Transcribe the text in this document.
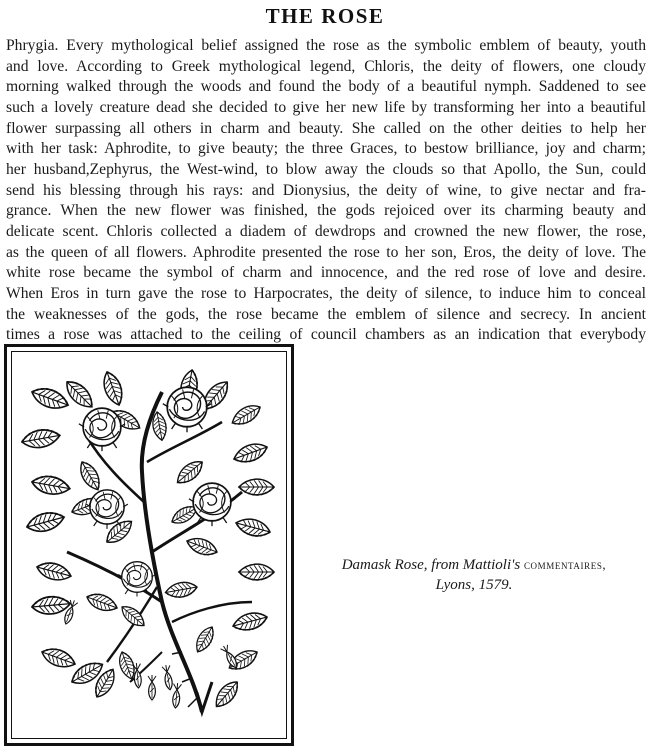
THE ROSE
Phrygia. Every mythological belief assigned the rose as the symbolic emblem of beauty, youth
and love. According to Greek mythological legend, Chloris, the deity of flowers, one cloudy
morning walked through the woods and found the body of a beautiful nymph. Saddened to see
such a lovely creature dead she decided to give her new life by transforming her into a beautiful
flower surpassing all others in charm and beauty. She called on the other deities to help her
with her task: Aphrodite, to give beauty; the three Graces, to bestow brilliance, joy and charm;
her husband,Zephyrus, the West-wind, to blow away the clouds so that Apollo, the Sun, could
send his blessing through his rays: and Dionysius, the deity of wine, to give nectar and fra-
grance. When the new flower was finished, the gods rejoiced over its charming beauty and
delicate scent. Chloris collected a diadem of dewdrops and crowned the new flower, the rose,
as the queen of all flowers. Aphrodite presented the rose to her son, Eros, the deity of love. The
white rose became the symbol of charm and innocence, and the red rose of love and desire.
When Eros in turn gave the rose to Harpocrates, the deity of silence, to induce him to conceal
the weaknesses of the gods, the rose became the emblem of silence and secrecy. In ancient
times a rose was attached to the ceiling of council chambers as an indication that everybody
Damask Rose, from Mattioli's commentaires,
Lyons, 1579.
